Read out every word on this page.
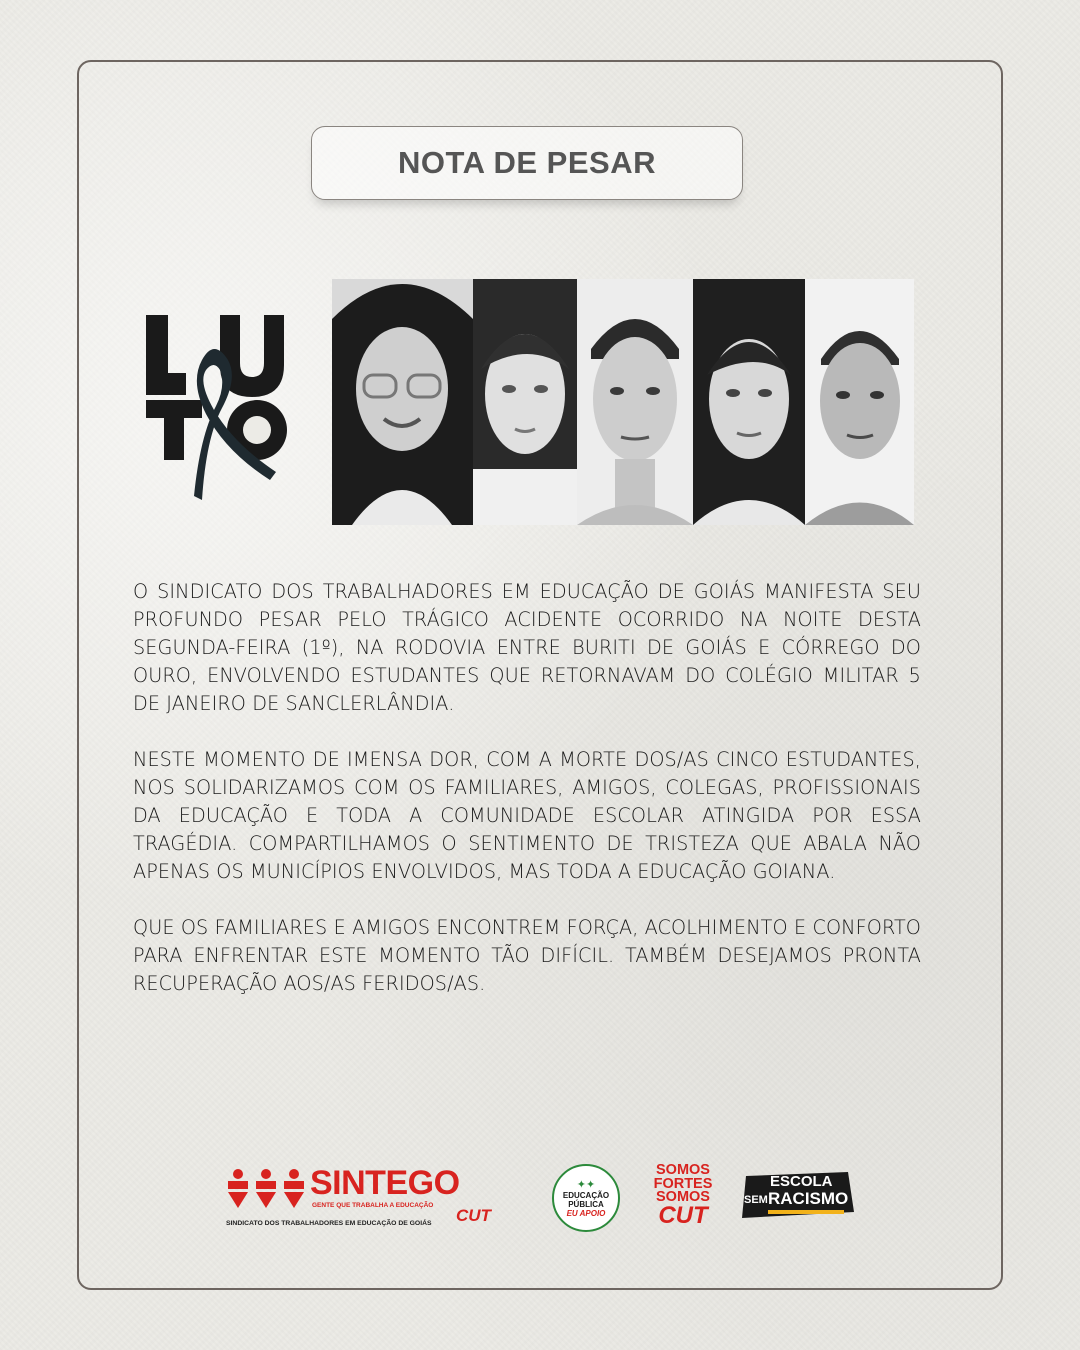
NOTA DE PESAR

O SINDICATO DOS TRABALHADORES EM EDUCAÇÃO DE GOIÁS MANIFESTA SEU PROFUNDO PESAR PELO TRÁGICO ACIDENTE OCORRIDO NA NOITE DESTA SEGUNDA-FEIRA (1º), NA RODOVIA ENTRE BURITI DE GOIÁS E CÓRREGO DO OURO, ENVOLVENDO ESTUDANTES QUE RETORNAVAM DO COLÉGIO MILITAR 5 DE JANEIRO DE SANCLERLÂNDIA.

NESTE MOMENTO DE IMENSA DOR, COM A MORTE DOS/AS CINCO ESTUDANTES, NOS SOLIDARIZAMOS COM OS FAMILIARES, AMIGOS, COLEGAS, PROFISSIONAIS DA EDUCAÇÃO E TODA A COMUNIDADE ESCOLAR ATINGIDA POR ESSA TRAGÉDIA. COMPARTILHAMOS O SENTIMENTO DE TRISTEZA QUE ABALA NÃO APENAS OS MUNICÍPIOS ENVOLVIDOS, MAS TODA A EDUCAÇÃO GOIANA.

QUE OS FAMILIARES E AMIGOS ENCONTREM FORÇA, ACOLHIMENTO E CONFORTO PARA ENFRENTAR ESTE MOMENTO TÃO DIFÍCIL. TAMBÉM DESEJAMOS PRONTA RECUPERAÇÃO AOS/AS FERIDOS/AS.

SINTEGO
GENTE QUE TRABALHA A EDUCAÇÃO
SINDICATO DOS TRABALHADORES EM EDUCAÇÃO DE GOIÁS CUT
✦✦
EDUCAÇÃO
PÚBLICA
EU APOIO
SOMOS
FORTES
SOMOS
CUT
ESCOLA
SEM RACISMO
